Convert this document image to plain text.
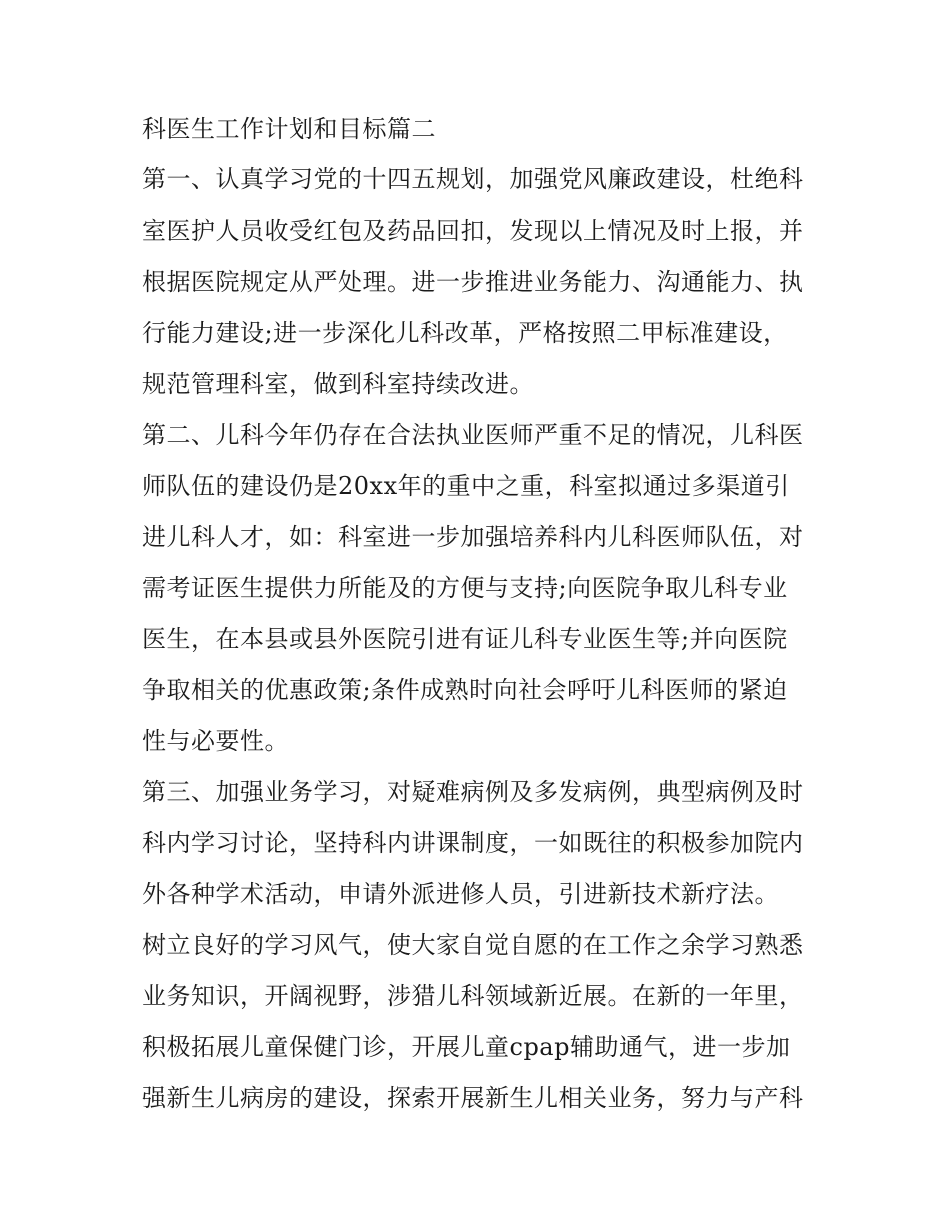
科医生工作计划和目标篇二
第一、认真学习党的十四五规划，加强党风廉政建设，杜绝科
室医护人员收受红包及药品回扣，发现以上情况及时上报，并
根据医院规定从严处理。进一步推进业务能力、沟通能力、执
行能力建设;进一步深化儿科改革，严格按照二甲标准建设，
规范管理科室，做到科室持续改进。
第二、儿科今年仍存在合法执业医师严重不足的情况，儿科医
师队伍的建设仍是20xx年的重中之重，科室拟通过多渠道引
进儿科人才，如：科室进一步加强培养科内儿科医师队伍，对
需考证医生提供力所能及的方便与支持;向医院争取儿科专业
医生，在本县或县外医院引进有证儿科专业医生等;并向医院
争取相关的优惠政策;条件成熟时向社会呼吁儿科医师的紧迫
性与必要性。
第三、加强业务学习，对疑难病例及多发病例，典型病例及时
科内学习讨论，坚持科内讲课制度，一如既往的积极参加院内
外各种学术活动，申请外派进修人员，引进新技术新疗法。
树立良好的学习风气，使大家自觉自愿的在工作之余学习熟悉
业务知识，开阔视野，涉猎儿科领域新近展。在新的一年里，
积极拓展儿童保健门诊，开展儿童cpap辅助通气，进一步加
强新生儿病房的建设，探索开展新生儿相关业务，努力与产科
